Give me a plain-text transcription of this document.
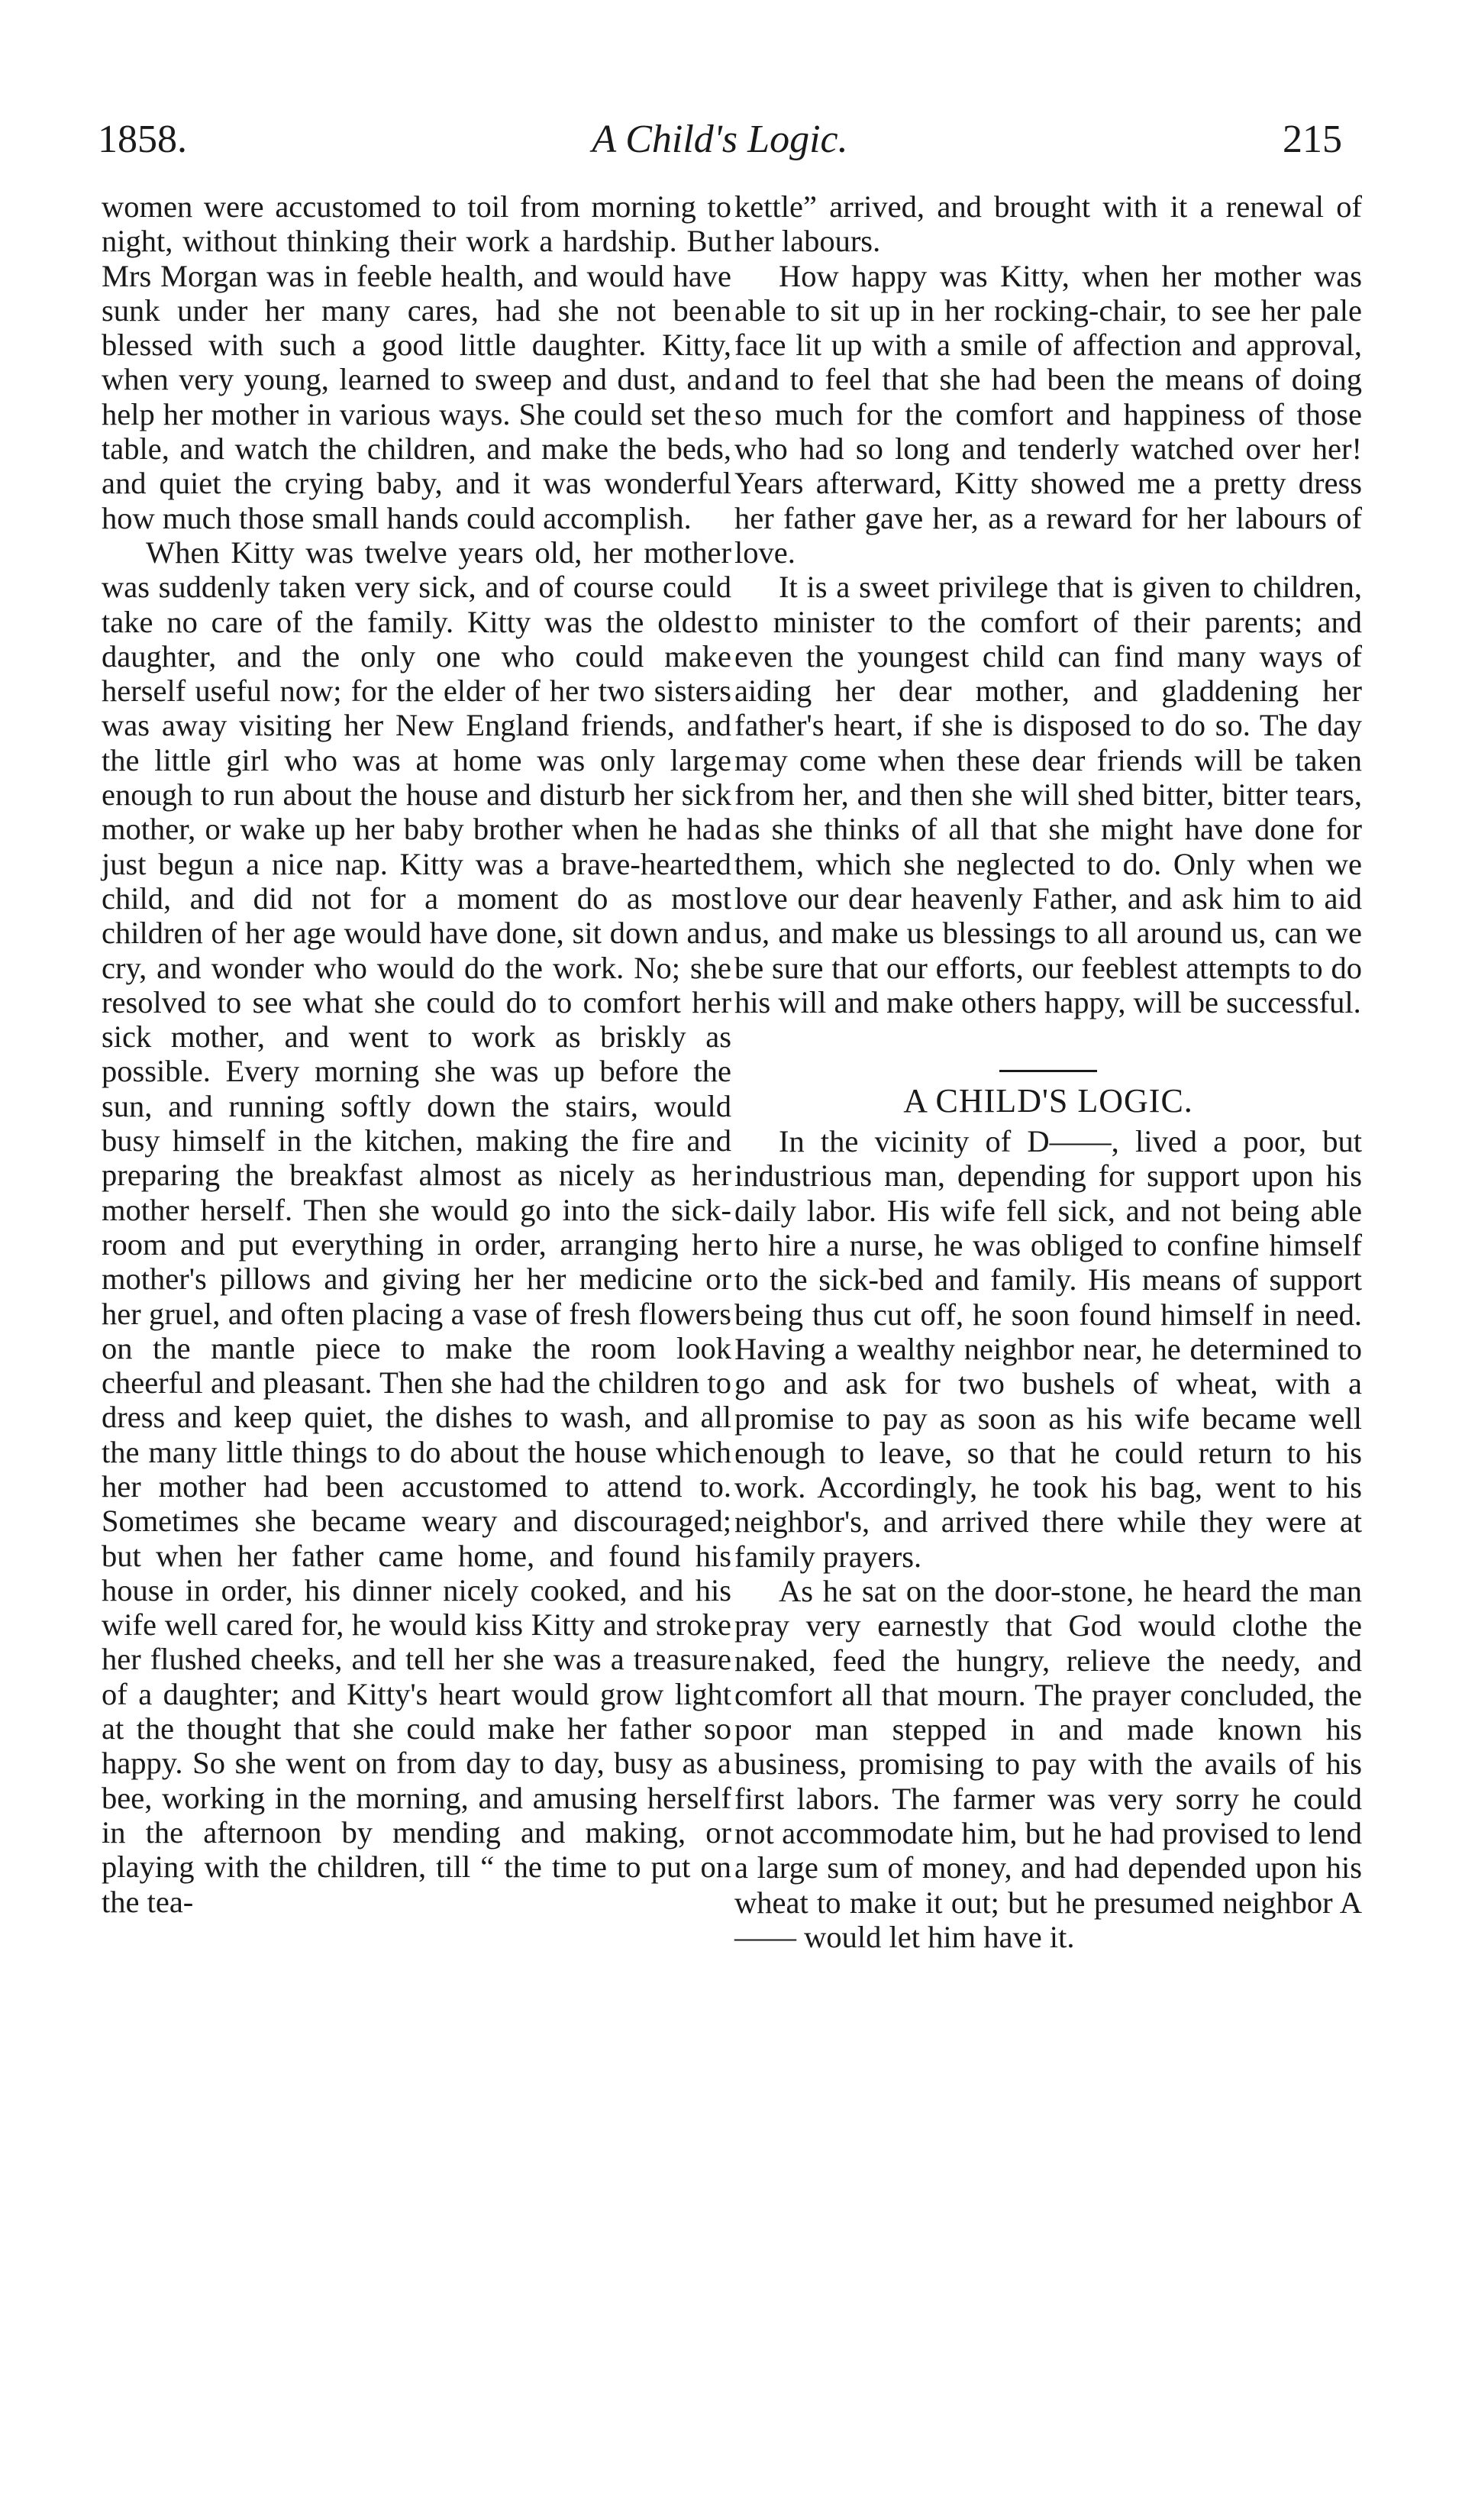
1858.	A Child's Logic.	215

women were accustomed to toil from morning to night, without thinking their work a hardship. But Mrs Morgan was in feeble health, and would have sunk under her many cares, had she not been blessed with such a good little daughter. Kitty, when very young, learned to sweep and dust, and help her mother in various ways. She could set the table, and watch the children, and make the beds, and quiet the crying baby, and it was wonderful how much those small hands could accomplish.

When Kitty was twelve years old, her mother was suddenly taken very sick, and of course could take no care of the family. Kitty was the oldest daughter, and the only one who could make herself useful now; for the elder of her two sisters was away visiting her New England friends, and the little girl who was at home was only large enough to run about the house and disturb her sick mother, or wake up her baby brother when he had just begun a nice nap. Kitty was a brave-hearted child, and did not for a moment do as most children of her age would have done, sit down and cry, and wonder who would do the work. No; she resolved to see what she could do to comfort her sick mother, and went to work as briskly as possible. Every morning she was up before the sun, and running softly down the stairs, would busy himself in the kitchen, making the fire and preparing the breakfast almost as nicely as her mother herself. Then she would go into the sick-room and put everything in order, arranging her mother's pillows and giving her her medicine or her gruel, and often placing a vase of fresh flowers on the mantle piece to make the room look cheerful and pleasant. Then she had the children to dress and keep quiet, the dishes to wash, and all the many little things to do about the house which her mother had been accustomed to attend to. Sometimes she became weary and discouraged; but when her father came home, and found his house in order, his dinner nicely cooked, and his wife well cared for, he would kiss Kitty and stroke her flushed cheeks, and tell her she was a treasure of a daughter; and Kitty's heart would grow light at the thought that she could make her father so happy. So she went on from day to day, busy as a bee, working in the morning, and amusing herself in the afternoon by mending and making, or playing with the children, till “ the time to put on the tea-

kettle” arrived, and brought with it a renewal of her labours.

How happy was Kitty, when her mother was able to sit up in her rocking-chair, to see her pale face lit up with a smile of affection and approval, and to feel that she had been the means of doing so much for the comfort and happiness of those who had so long and tenderly watched over her! Years afterward, Kitty showed me a pretty dress her father gave her, as a reward for her labours of love.

It is a sweet privilege that is given to children, to minister to the comfort of their parents; and even the youngest child can find many ways of aiding her dear mother, and gladdening her father's heart, if she is disposed to do so. The day may come when these dear friends will be taken from her, and then she will shed bitter, bitter tears, as she thinks of all that she might have done for them, which she neglected to do. Only when we love our dear heavenly Father, and ask him to aid us, and make us blessings to all around us, can we be sure that our efforts, our feeblest attempts to do his will and make others happy, will be successful.

A CHILD'S LOGIC.

In the vicinity of D——, lived a poor, but industrious man, depending for support upon his daily labor. His wife fell sick, and not being able to hire a nurse, he was obliged to confine himself to the sick-bed and family. His means of support being thus cut off, he soon found himself in need. Having a wealthy neighbor near, he determined to go and ask for two bushels of wheat, with a promise to pay as soon as his wife became well enough to leave, so that he could return to his work. Accordingly, he took his bag, went to his neighbor's, and arrived there while they were at family prayers.

As he sat on the door-stone, he heard the man pray very earnestly that God would clothe the naked, feed the hungry, relieve the needy, and comfort all that mourn. The prayer concluded, the poor man stepped in and made known his business, promising to pay with the avails of his first labors. The farmer was very sorry he could not accommodate him, but he had provised to lend a large sum of money, and had depended upon his wheat to make it out; but he presumed neighbor A—— would let him have it.
